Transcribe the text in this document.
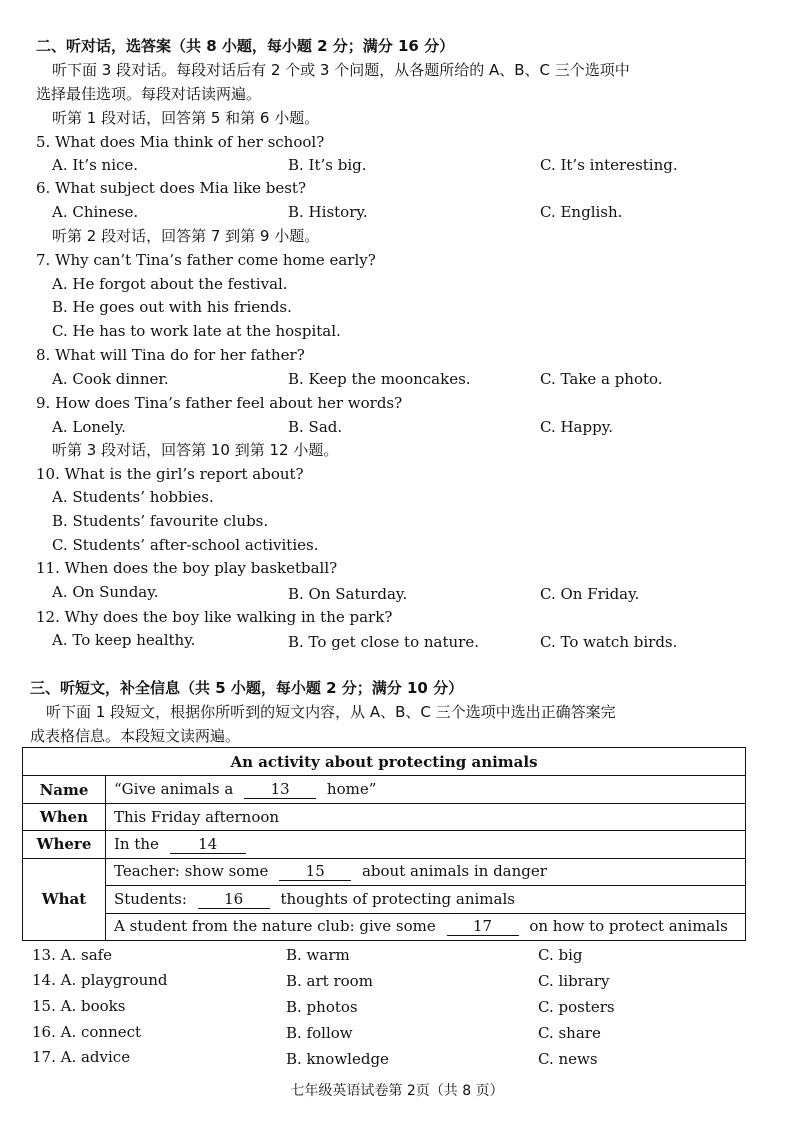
二、听对话，选答案（共 8 小题，每小题 2 分；满分 16 分）
听下面 3 段对话。每段对话后有 2 个或 3 个问题，从各题所给的 A、B、C 三个选项中
选择最佳选项。每段对话读两遍。
听第 1 段对话，回答第 5 和第 6 小题。
5. What does Mia think of her school?
A. It’s nice.	B. It’s big.	C. It’s interesting.
6. What subject does Mia like best?
A. Chinese.	B. History.	C. English.
听第 2 段对话，回答第 7 到第 9 小题。
7. Why can’t Tina’s father come home early?
A. He forgot about the festival.
B. He goes out with his friends.
C. He has to work late at the hospital.
8. What will Tina do for her father?
A. Cook dinner.	B. Keep the mooncakes.	C. Take a photo.
9. How does Tina’s father feel about her words?
A. Lonely.	B. Sad.	C. Happy.
听第 3 段对话，回答第 10 到第 12 小题。
10. What is the girl’s report about?
A. Students’ hobbies.
B. Students’ favourite clubs.
C. Students’ after-school activities.
11. When does the boy play basketball?
A. On Sunday.	B. On Saturday.	C. On Friday.
12. Why does the boy like walking in the park?
A. To keep healthy.	B. To get close to nature.	C. To watch birds.
三、听短文，补全信息（共 5 小题，每小题 2 分；满分 10 分）
听下面 1 段短文，根据你所听到的短文内容，从 A、B、C 三个选项中选出正确答案完
成表格信息。本段短文读两遍。
An activity about protecting animals	
Name	“Give animals a 13 home”
When	This Friday afternoon
Where	In the 14
What	Teacher: show some 15 about animals in danger
	Students: 16 thoughts of protecting animals
	A student from the nature club: give some 17 on how to protect animals
13. A. safe	B. warm	C. big
14. A. playground	B. art room	C. library
15. A. books	B. photos	C. posters
16. A. connect	B. follow	C. share
17. A. advice	B. knowledge	C. news
七年级英语试卷第 2页（共 8 页）
